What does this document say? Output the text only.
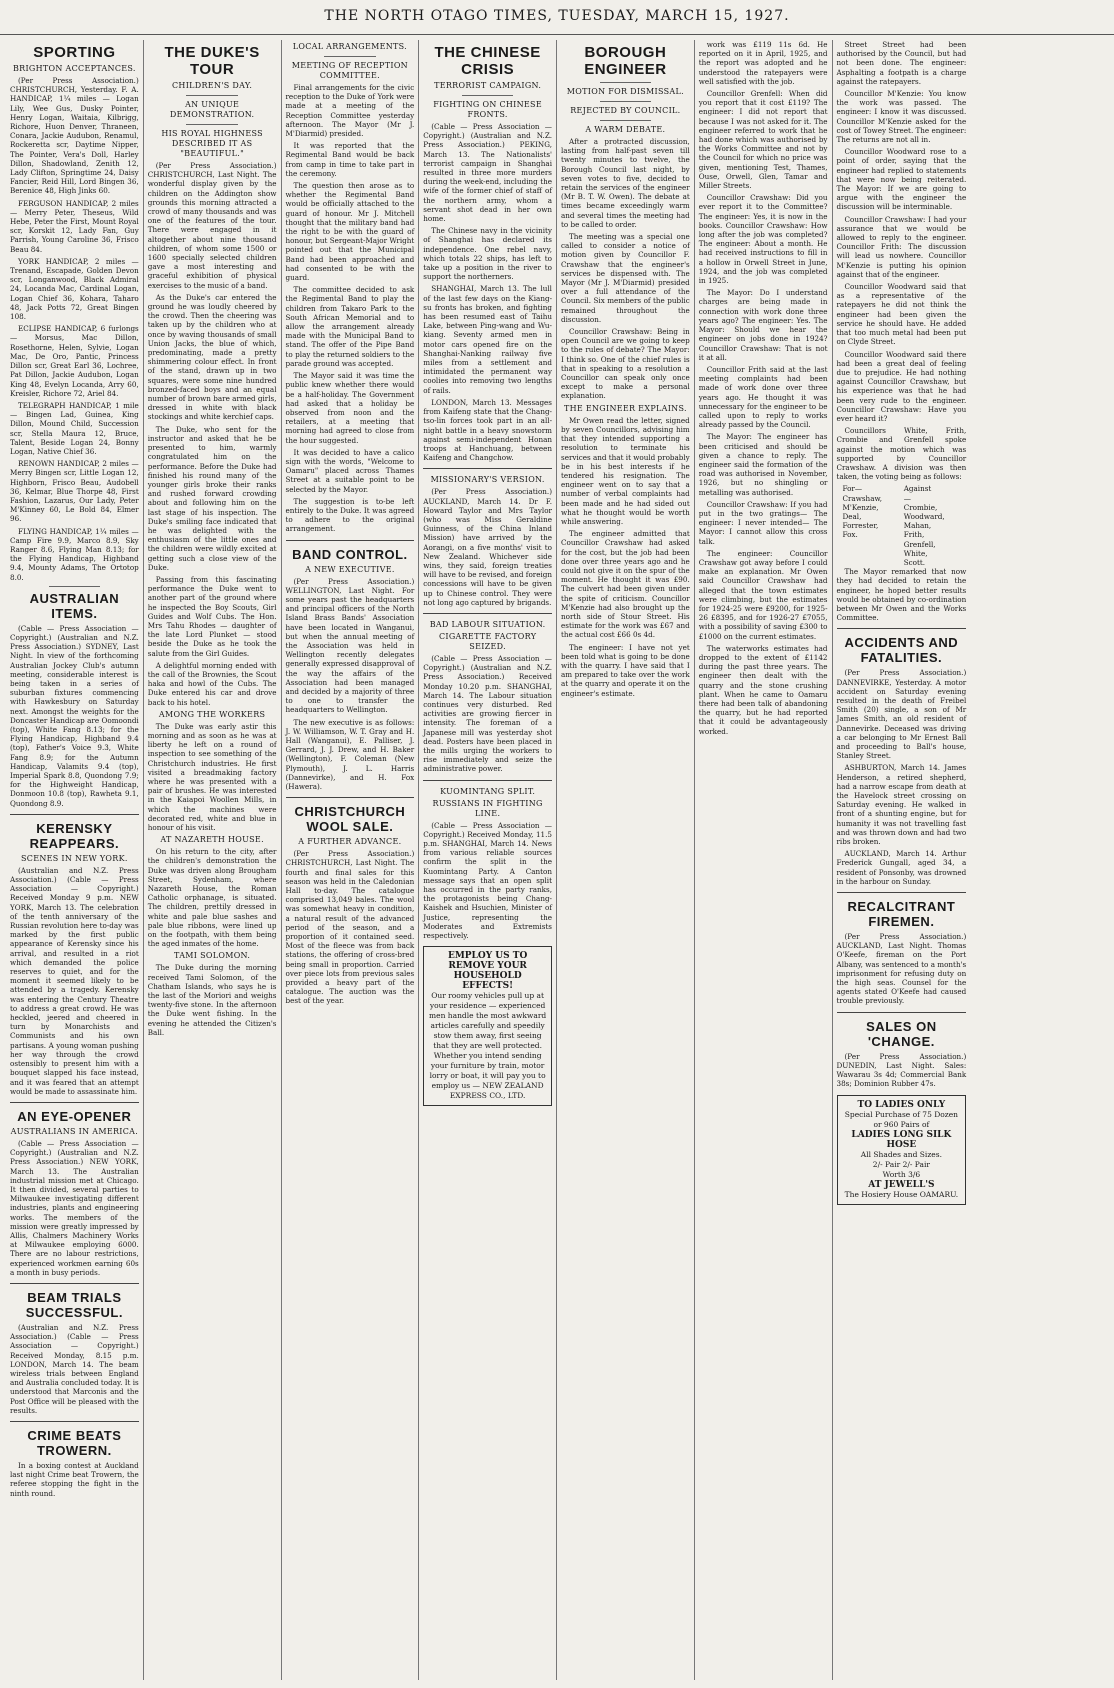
THE NORTH OTAGO TIMES, TUESDAY, MARCH 15, 1927.
SPORTING
BRIGHTON ACCEPTANCES.

(Per Press Association.) CHRISTCHURCH, Yesterday. F. A. HANDICAP, 1¼ miles — Logan Lily, Wee Gus, Dusky Pointer, Henry Logan, Waitaia, Kilbrigg, Richore, Huon Denver, Thraneen, Conara, Jackie Audubon, Renamul, Rockeretta scr, Daytime Nipper, The Pointer, Vera's Doll, Harley Dillon, Shadowland, Zenith 12, Lady Clifton, Springtime 24, Daisy Fancier, Reid Hill, Lord Bingen 36, Berenice 48, High Jinks 60.

FERGUSON HANDICAP, 2 miles — Merry Peter, Theseus, Wild Hebe, Peter the First, Mount Royal scr, Korskit 12, Lady Fan, Guy Parrish, Young Caroline 36, Frisco Beau 84.

YORK HANDICAP, 2 miles — Trenand, Escapade, Golden Devon scr, Longanwood, Black Admiral 24, Locanda Mac, Cardinal Logan, Logan Chief 36, Kohara, Taharo 48, Jack Potts 72, Great Bingen 108.

ECLIPSE HANDICAP, 6 furlongs — Morsus, Mac Dillon, Rosethorne, Helen, Sylvie, Logan Mac, De Oro, Pantic, Princess Dillon scr, Great Earl 36, Lochree, Pat Dillon, Jackie Audubon, Logan King 48, Evelyn Locanda, Arry 60, Kreisler, Richore 72, Ariel 84.

TELEGRAPH HANDICAP, 1 mile — Bingen Lad, Guinea, King Dillon, Mound Child, Succession scr, Stella Maura 12, Bruce, Talent, Beside Logan 24, Bonny Logan, Native Chief 36.

RENOWN HANDICAP, 2 miles — Merry Bingen scr, Little Logan 12, Highborn, Frisco Beau, Audobell 36, Kelmar, Blue Thorpe 48, First Fashion, Lazarus, Our Lady, Peter M'Kinney 60, Le Bold 84, Elmer 96.

FLYING HANDICAP, 1¼ miles — Camp Fire 9.9, Marco 8.9, Sky Ranger 8.6, Flying Man 8.13; for the Flying Handicap, Highband 9.4, Mounty Adams, The Ortotop 8.0.

AUSTRALIAN ITEMS.

(Cable — Press Association — Copyright.) (Australian and N.Z. Press Association.) SYDNEY, Last Night. In view of the forthcoming Australian Jockey Club's autumn meeting, considerable interest is being taken in a series of suburban fixtures commencing with Hawkesbury on Saturday next. Amongst the weights for the Doncaster Handicap are Oomoondi (top), White Fang 8.13; for the Flying Handicap, Highband 9.4 (top), Father's Voice 9.3, White Fang 8.9; for the Autumn Handicap, Valamits 9.4 (top), Imperial Spark 8.8, Quondong 7.9; for the Highweight Handicap, Donmoon 10.8 (top), Rawheta 9.1, Quondong 8.9.

KERENSKY REAPPEARS.
SCENES IN NEW YORK.

(Australian and N.Z. Press Association.) (Cable — Press Association — Copyright.) Received Monday 9 p.m. NEW YORK, March 13. The celebration of the tenth anniversary of the Russian revolution here to-day was marked by the first public appearance of Kerensky since his arrival, and resulted in a riot which demanded the police reserves to quiet, and for the moment it seemed likely to be attended by a tragedy. Kerensky was entering the Century Theatre to address a great crowd. He was heckled, jeered and cheered in turn by Monarchists and Communists and his own partisans. A young woman pushing her way through the crowd ostensibly to present him with a bouquet slapped his face instead, and it was feared that an attempt would be made to assassinate him.

AN EYE-OPENER
AUSTRALIANS IN AMERICA.

(Cable — Press Association — Copyright.) (Australian and N.Z. Press Association.) NEW YORK, March 13. The Australian industrial mission met at Chicago. It then divided, several parties to Milwaukee investigating different industries, plants and engineering works. The members of the mission were greatly impressed by Allis, Chalmers Machinery Works at Milwaukee employing 6000. There are no labour restrictions, experienced workmen earning 60s a month in busy periods.

BEAM TRIALS SUCCESSFUL.

(Australian and N.Z. Press Association.) (Cable — Press Association — Copyright.) Received Monday, 8.15 p.m. LONDON, March 14. The beam wireless trials between England and Australia concluded today. It is understood that Marconis and the Post Office will be pleased with the results.

CRIME BEATS TROWERN.

In a boxing contest at Auckland last night Crime beat Trowern, the referee stopping the fight in the ninth round.

THE DUKE'S TOUR
CHILDREN'S DAY.
AN UNIQUE DEMONSTRATION.
HIS ROYAL HIGHNESS DESCRIBED IT AS "BEAUTIFUL."

(Per Press Association.) CHRISTCHURCH, Last Night. The wonderful display given by the children on the Addington show grounds this morning attracted a crowd of many thousands and was one of the features of the tour. There were engaged in it altogether about nine thousand children, of whom some 1500 or 1600 specially selected children gave a most interesting and graceful exhibition of physical exercises to the music of a band.

As the Duke's car entered the ground he was loudly cheered by the crowd. Then the cheering was taken up by the children who at once by waving thousands of small Union Jacks, the blue of which, predominating, made a pretty shimmering colour effect. In front of the stand, drawn up in two squares, were some nine hundred bronzed-faced boys and an equal number of brown bare armed girls, dressed in white with black stockings and white kerchief caps.

The Duke, who sent for the instructor and asked that he be presented to him, warmly congratulated him on the performance. Before the Duke had finished his round many of the younger girls broke their ranks and rushed forward crowding about and following him on the last stage of his inspection. The Duke's smiling face indicated that he was delighted with the enthusiasm of the little ones and the children were wildly excited at getting such a close view of the Duke.

Passing from this fascinating performance the Duke went to another part of the ground where he inspected the Boy Scouts, Girl Guides and Wolf Cubs. The Hon. Mrs Tahu Rhodes — daughter of the late Lord Plunket — stood beside the Duke as he took the salute from the Girl Guides.

A delightful morning ended with the call of the Brownies, the Scout haka and howl of the Cubs. The Duke entered his car and drove back to his hotel.

AMONG THE WORKERS

The Duke was early astir this morning and as soon as he was at liberty he left on a round of inspection to see something of the Christchurch industries. He first visited a breadmaking factory where he was presented with a pair of brushes. He was interested in the Kaiapoi Woollen Mills, in which the machines were decorated red, white and blue in honour of his visit.

AT NAZARETH HOUSE.

On his return to the city, after the children's demonstration the Duke was driven along Brougham Street, Sydenham, where Nazareth House, the Roman Catholic orphanage, is situated. The children, prettily dressed in white and pale blue sashes and pale blue ribbons, were lined up on the footpath, with them being the aged inmates of the home.

TAMI SOLOMON.

The Duke during the morning received Tami Solomon, of the Chatham Islands, who says he is the last of the Moriori and weighs twenty-five stone. In the afternoon the Duke went fishing. In the evening he attended the Citizen's Ball.

LOCAL ARRANGEMENTS.
MEETING OF RECEPTION COMMITTEE.

Final arrangements for the civic reception to the Duke of York were made at a meeting of the Reception Committee yesterday afternoon. The Mayor (Mr J. M'Diarmid) presided.

It was reported that the Regimental Band would be back from camp in time to take part in the ceremony.

The question then arose as to whether the Regimental Band would be officially attached to the guard of honour. Mr J. Mitchell thought that the military band had the right to be with the guard of honour, but Sergeant-Major Wright pointed out that the Municipal Band had been approached and had consented to be with the guard.

The committee decided to ask the Regimental Band to play the children from Takaro Park to the South African Memorial and to allow the arrangement already made with the Municipal Band to stand. The offer of the Pipe Band to play the returned soldiers to the parade ground was accepted.

The Mayor said it was time the public knew whether there would be a half-holiday. The Government had asked that a holiday be observed from noon and the retailers, at a meeting that morning had agreed to close from the hour suggested.

It was decided to have a calico sign with the words, "Welcome to Oamaru" placed across Thames Street at a suitable point to be selected by the Mayor.

The suggestion is to-be left entirely to the Duke. It was agreed to adhere to the original arrangement.

BAND CONTROL.
A NEW EXECUTIVE.

(Per Press Association.) WELLINGTON, Last Night. For some years past the headquarters and principal officers of the North Island Brass Bands' Association have been located in Wanganui, but when the annual meeting of the Association was held in Wellington recently delegates generally expressed disapproval of the way the affairs of the Association had been managed and decided by a majority of three to one to transfer the headquarters to Wellington.

The new executive is as follows: J. W. Williamson, W. T. Gray and H. Hall (Wanganui), E. Palliser, J. Gerrard, J. J. Drew, and H. Baker (Wellington), F. Coleman (New Plymouth), J. L. Harris (Dannevirke), and H. Fox (Hawera).

CHRISTCHURCH WOOL SALE.
A FURTHER ADVANCE.

(Per Press Association.) CHRISTCHURCH, Last Night. The fourth and final sales for this season was held in the Caledonian Hall to-day. The catalogue comprised 13,049 bales. The wool was somewhat heavy in condition, a natural result of the advanced period of the season, and a proportion of it contained seed. Most of the fleece was from back stations, the offering of cross-bred being small in proportion. Carried over piece lots from previous sales provided a heavy part of the catalogue. The auction was the best of the year.

THE CHINESE CRISIS
TERRORIST CAMPAIGN.
FIGHTING ON CHINESE FRONTS.

(Cable — Press Association — Copyright.) (Australian and N.Z. Press Association.) PEKING, March 13. The Nationalists' terrorist campaign in Shanghai resulted in three more murders during the week-end, including the wife of the former chief of staff of the northern army, whom a servant shot dead in her own home.

The Chinese navy in the vicinity of Shanghai has declared its independence. One rebel navy, which totals 22 ships, has left to take up a position in the river to support the northerners.

SHANGHAI, March 13. The lull of the last few days on the Kiang-su fronts has broken, and fighting has been resumed east of Taihu Lake, between Ping-wang and Wu-kiang. Seventy armed men in motor cars opened fire on the Shanghai-Nanking railway five miles from a settlement and intimidated the permanent way coolies into removing two lengths of rails.

LONDON, March 13. Messages from Kaifeng state that the Chang-tso-lin forces took part in an all-night battle in a heavy snowstorm against semi-independent Honan troops at Hanchuang, between Kaifeng and Changchow.

MISSIONARY'S VERSION.

(Per Press Association.) AUCKLAND, March 14. Dr F. Howard Taylor and Mrs Taylor (who was Miss Geraldine Guinness, of the China Inland Mission) have arrived by the Aorangi, on a five months' visit to New Zealand. Whichever side wins, they said, foreign treaties will have to be revised, and foreign concessions will have to be given up to Chinese control. They were not long ago captured by brigands.

BAD LABOUR SITUATION.
CIGARETTE FACTORY SEIZED.

(Cable — Press Association — Copyright.) (Australian and N.Z. Press Association.) Received Monday 10.20 p.m. SHANGHAI, March 14. The Labour situation continues very disturbed. Red activities are growing fiercer in intensity. The foreman of a Japanese mill was yesterday shot dead. Posters have been placed in the mills urging the workers to rise immediately and seize the administrative power.

KUOMINTANG SPLIT.
RUSSIANS IN FIGHTING LINE.

(Cable — Press Association — Copyright.) Received Monday, 11.5 p.m. SHANGHAI, March 14. News from various reliable sources confirm the split in the Kuomintang Party. A Canton message says that an open split has occurred in the party ranks, the protagonists being Chang-Kaishek and Hsuchien, Minister of Justice, representing the Moderates and Extremists respectively.

EMPLOY US TO REMOVE YOUR HOUSEHOLD EFFECTS!
Our roomy vehicles pull up at your residence — experienced men handle the most awkward articles carefully and speedily stow them away, first seeing that they are well protected. Whether you intend sending your furniture by train, motor lorry or boat, it will pay you to employ us — NEW ZEALAND EXPRESS CO., LTD.
BOROUGH ENGINEER
MOTION FOR DISMISSAL.
REJECTED BY COUNCIL.
A WARM DEBATE.

After a protracted discussion, lasting from half-past seven till twenty minutes to twelve, the Borough Council last night, by seven votes to five, decided to retain the services of the engineer (Mr B. T. W. Owen). The debate at times became exceedingly warm and several times the meeting had to be called to order.

The meeting was a special one called to consider a notice of motion given by Councillor F. Crawshaw that the engineer's services be dispensed with. The Mayor (Mr J. M'Diarmid) presided over a full attendance of the Council. Six members of the public remained throughout the discussion.

Councillor Crawshaw: Being in open Council are we going to keep to the rules of debate? The Mayor: I think so. One of the chief rules is that in speaking to a resolution a Councillor can speak only once except to make a personal explanation.

THE ENGINEER EXPLAINS.

Mr Owen read the letter, signed by seven Councillors, advising him that they intended supporting a resolution to terminate his services and that it would probably be in his best interests if he tendered his resignation. The engineer went on to say that a number of verbal complaints had been made and he had sided out what he thought would be worth while answering.

The engineer admitted that Councillor Crawshaw had asked for the cost, but the job had been done over three years ago and he could not give it on the spur of the moment. He thought it was £90. The culvert had been given under the spite of criticism. Councillor M'Kenzie had also brought up the north side of Stour Street. His estimate for the work was £67 and the actual cost £66 0s 4d.

The engineer: I have not yet been told what is going to be done with the quarry. I have said that I am prepared to take over the work at the quarry and operate it on the engineer's estimate.

work was £119 11s 6d. He reported on it in April, 1925, and the report was adopted and he understood the ratepayers were well satisfied with the job.

Councillor Grenfell: When did you report that it cost £119? The engineer: I did not report that because I was not asked for it. The engineer referred to work that he had done which was authorised by the Works Committee and not by the Council for which no price was given, mentioning Test, Thames, Ouse, Orwell, Glen, Tamar and Miller Streets.

Councillor Crawshaw: Did you ever report it to the Committee? The engineer: Yes, it is now in the books. Councillor Crawshaw: How long after the job was completed? The engineer: About a month. He had received instructions to fill in a hollow in Orwell Street in June, 1924, and the job was completed in 1925.

The Mayor: Do I understand charges are being made in connection with work done three years ago? The engineer: Yes. The Mayor: Should we hear the engineer on jobs done in 1924? Councillor Crawshaw: That is not it at all.

Councillor Frith said at the last meeting complaints had been made of work done over three years ago. He thought it was unnecessary for the engineer to be called upon to reply to works already passed by the Council.

The Mayor: The engineer has been criticised and should be given a chance to reply. The engineer said the formation of the road was authorised in November, 1926, but no shingling or metalling was authorised.

Councillor Crawshaw: If you had put in the two gratings— The engineer: I never intended— The Mayor: I cannot allow this cross talk.

The engineer: Councillor Crawshaw got away before I could make an explanation. Mr Owen said Councillor Crawshaw had alleged that the town estimates were climbing, but the estimates for 1924-25 were £9200, for 1925-26 £8395, and for 1926-27 £7055, with a possibility of saving £300 to £1000 on the current estimates.

The waterworks estimates had dropped to the extent of £1142 during the past three years. The engineer then dealt with the quarry and the stone crushing plant. When he came to Oamaru there had been talk of abandoning the quarry, but he had reported that it could be advantageously worked.

Street Street had been authorised by the Council, but had not been done. The engineer: Asphalting a footpath is a charge against the ratepayers.

Councillor M'Kenzie: You know the work was passed. The engineer: I know it was discussed. Councillor M'Kenzie asked for the cost of Towey Street. The engineer: The returns are not all in.

Councillor Woodward rose to a point of order, saying that the engineer had replied to statements that were now being reiterated. The Mayor: If we are going to argue with the engineer the discussion will be interminable.

Councillor Crawshaw: I had your assurance that we would be allowed to reply to the engineer. Councillor Frith: The discussion will lead us nowhere. Councillor M'Kenzie is putting his opinion against that of the engineer.

Councillor Woodward said that as a representative of the ratepayers he did not think the engineer had been given the service he should have. He added that too much metal had been put on Clyde Street.

Councillor Woodward said there had been a great deal of feeling due to prejudice. He had nothing against Councillor Crawshaw, but his experience was that he had been very rude to the engineer. Councillor Crawshaw: Have you ever heard it?

Councillors White, Frith, Crombie and Grenfell spoke against the motion which was supported by Councillor Crawshaw. A division was then taken, the voting being as follows:

For—
Crawshaw, M'Kenzie, Deal, Forrester, Fox.
Against—
Crombie, Woodward, Mahan, Frith, Grenfell, White, Scott.

The Mayor remarked that now they had decided to retain the engineer, he hoped better results would be obtained by co-ordination between Mr Owen and the Works Committee.

ACCIDENTS AND FATALITIES.

(Per Press Association.) DANNEVIRKE, Yesterday. A motor accident on Saturday evening resulted in the death of Freibel Smith (20) single, a son of Mr James Smith, an old resident of Dannevirke. Deceased was driving a car belonging to Mr Ernest Ball and proceeding to Ball's house, Stanley Street.

ASHBURTON, March 14. James Henderson, a retired shepherd, had a narrow escape from death at the Havelock street crossing on Saturday evening. He walked in front of a shunting engine, but for humanity it was not travelling fast and was thrown down and had two ribs broken.

AUCKLAND, March 14. Arthur Frederick Gungall, aged 34, a resident of Ponsonby, was drowned in the harbour on Sunday.

RECALCITRANT FIREMEN.

(Per Press Association.) AUCKLAND, Last Night. Thomas O'Keefe, fireman on the Port Albany, was sentenced to a month's imprisonment for refusing duty on the high seas. Counsel for the agents stated O'Keefe had caused trouble previously.

SALES ON 'CHANGE.

(Per Press Association.) DUNEDIN, Last Night. Sales: Wawarau 3s 4d; Commercial Bank 38s; Dominion Rubber 47s.

TO LADIES ONLY
Special Purchase of 75 Dozen or 960 Pairs of
LADIES LONG SILK HOSE
All Shades and Sizes.
2/- Pair 2/- Pair
Worth 3/6
AT JEWELL'S
The Hosiery House OAMARU.
